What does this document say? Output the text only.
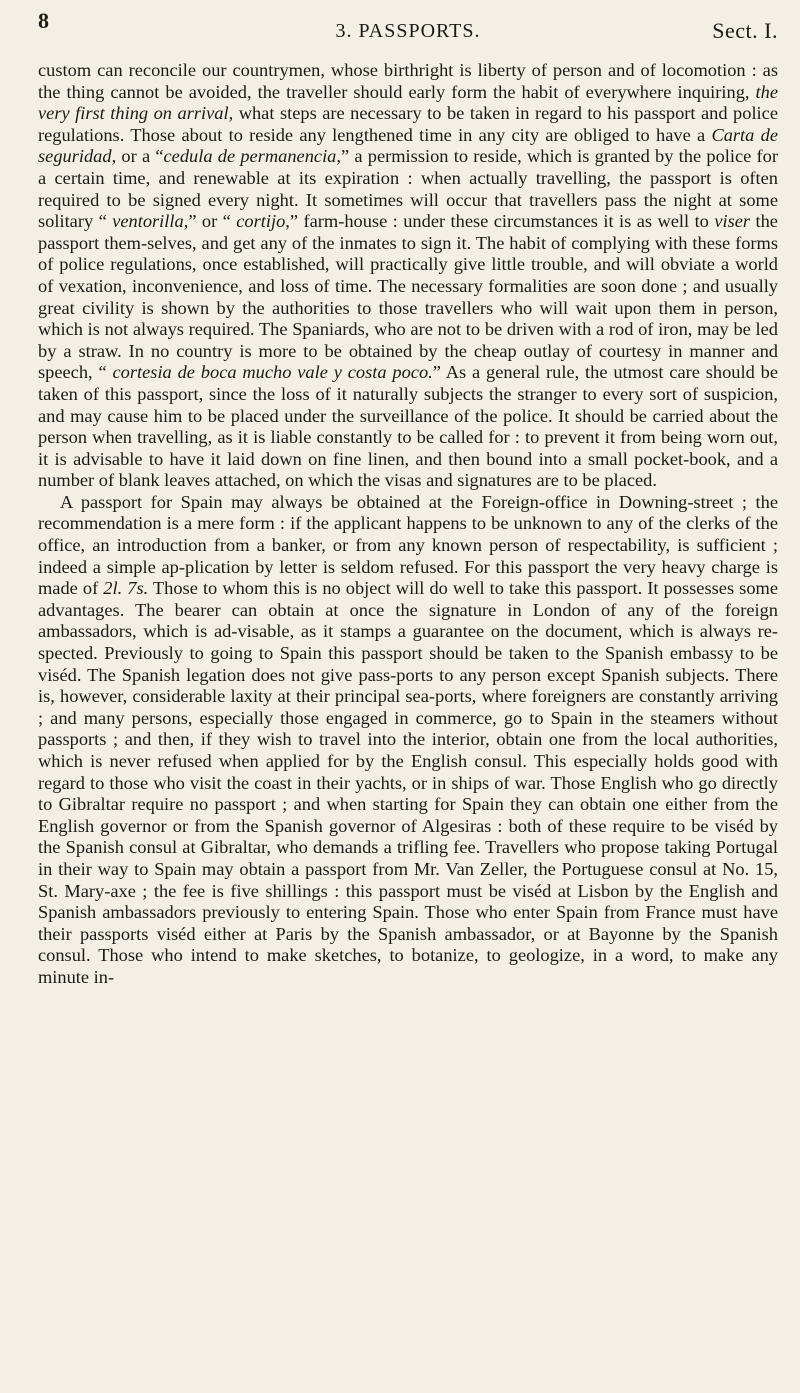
8	3. PASSPORTS.	Sect. I.

custom can reconcile our countrymen, whose birthright is liberty of person and of locomotion : as the thing cannot be avoided, the traveller should early form the habit of everywhere inquiring, the very first thing on arrival, what steps are necessary to be taken in regard to his passport and police regulations. Those about to reside any lengthened time in any city are obliged to have a Carta de seguridad, or a “cedula de permanencia,” a permission to reside, which is granted by the police for a certain time, and renewable at its expiration : when actually travelling, the passport is often required to be signed every night. It sometimes will occur that travellers pass the night at some solitary “ ventorilla,” or “ cortijo,” farm-house : under these circumstances it is as well to viser the passport them-selves, and get any of the inmates to sign it. The habit of complying with these forms of police regulations, once established, will practically give little trouble, and will obviate a world of vexation, inconvenience, and loss of time. The necessary formalities are soon done ; and usually great civility is shown by the authorities to those travellers who will wait upon them in person, which is not always required. The Spaniards, who are not to be driven with a rod of iron, may be led by a straw. In no country is more to be obtained by the cheap outlay of courtesy in manner and speech, “ cortesia de boca mucho vale y costa poco.” As a general rule, the utmost care should be taken of this passport, since the loss of it naturally subjects the stranger to every sort of suspicion, and may cause him to be placed under the surveillance of the police. It should be carried about the person when travelling, as it is liable constantly to be called for : to prevent it from being worn out, it is advisable to have it laid down on fine linen, and then bound into a small pocket-book, and a number of blank leaves attached, on which the visas and signatures are to be placed.

A passport for Spain may always be obtained at the Foreign-office in Downing-street ; the recommendation is a mere form : if the applicant happens to be unknown to any of the clerks of the office, an introduction from a banker, or from any known person of respectability, is sufficient ; indeed a simple ap-plication by letter is seldom refused. For this passport the very heavy charge is made of 2l. 7s. Those to whom this is no object will do well to take this passport. It possesses some advantages. The bearer can obtain at once the signature in London of any of the foreign ambassadors, which is ad-visable, as it stamps a guarantee on the document, which is always re-spected. Previously to going to Spain this passport should be taken to the Spanish embassy to be viséd. The Spanish legation does not give pass-ports to any person except Spanish subjects. There is, however, considerable laxity at their principal sea-ports, where foreigners are constantly arriving ; and many persons, especially those engaged in commerce, go to Spain in the steamers without passports ; and then, if they wish to travel into the interior, obtain one from the local authorities, which is never refused when applied for by the English consul. This especially holds good with regard to those who visit the coast in their yachts, or in ships of war. Those English who go directly to Gibraltar require no passport ; and when starting for Spain they can obtain one either from the English governor or from the Spanish governor of Algesiras : both of these require to be viséd by the Spanish consul at Gibraltar, who demands a trifling fee. Travellers who propose taking Portugal in their way to Spain may obtain a passport from Mr. Van Zeller, the Portuguese consul at No. 15, St. Mary-axe ; the fee is five shillings : this passport must be viséd at Lisbon by the English and Spanish ambassadors previously to entering Spain. Those who enter Spain from France must have their passports viséd either at Paris by the Spanish ambassador, or at Bayonne by the Spanish consul. Those who intend to make sketches, to botanize, to geologize, in a word, to make any minute in-
